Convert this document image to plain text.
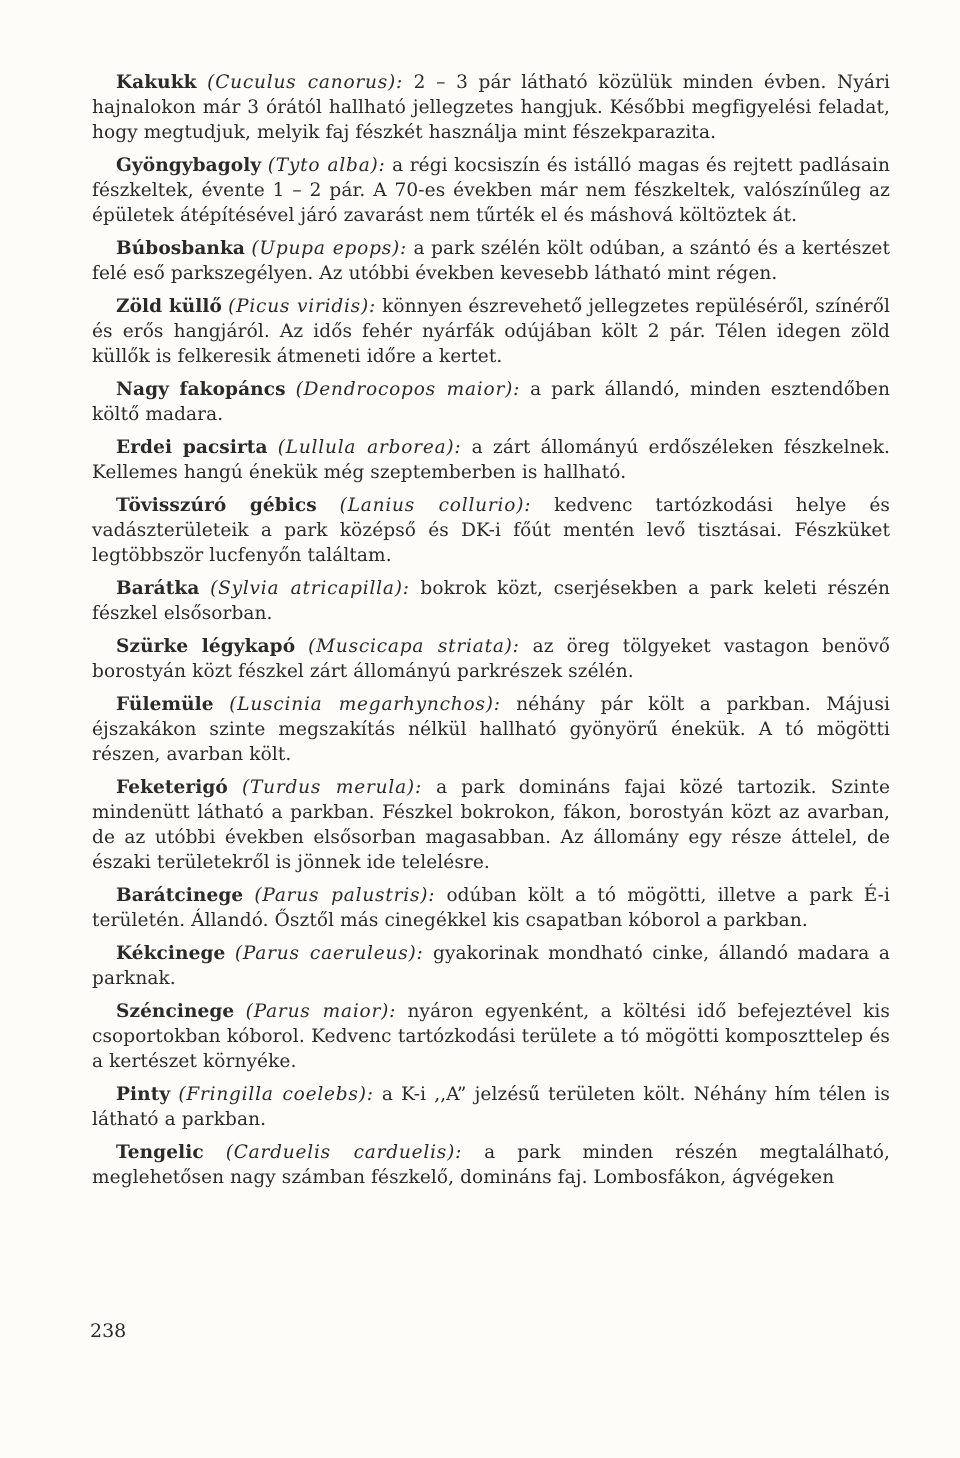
Kakukk (Cuculus canorus): 2 – 3 pár látható közülük minden évben. Nyári hajnalokon már 3 órától hallható jellegzetes hangjuk. Későbbi megfigyelési feladat, hogy megtudjuk, melyik faj fészkét használja mint fészekparazita.

Gyöngybagoly (Tyto alba): a régi kocsiszín és istálló magas és rejtett padlásain fészkeltek, évente 1 – 2 pár. A 70-es években már nem fészkeltek, valószínűleg az épületek átépítésével járó zavarást nem tűrték el és máshová költöztek át.

Búbosbanka (Upupa epops): a park szélén költ odúban, a szántó és a kertészet felé eső parkszegélyen. Az utóbbi években kevesebb látható mint régen.

Zöld küllő (Picus viridis): könnyen észrevehető jellegzetes repüléséről, színéről és erős hangjáról. Az idős fehér nyárfák odújában költ 2 pár. Télen idegen zöld küllők is felkeresik átmeneti időre a kertet.

Nagy fakopáncs (Dendrocopos maior): a park állandó, minden esztendőben költő madara.

Erdei pacsirta (Lullula arborea): a zárt állományú erdőszéleken fészkelnek. Kellemes hangú énekük még szeptemberben is hallható.

Tövisszúró gébics (Lanius collurio): kedvenc tartózkodási helye és vadászterületeik a park középső és DK-i főút mentén levő tisztásai. Fészküket legtöbbször lucfenyőn találtam.

Barátka (Sylvia atricapilla): bokrok közt, cserjésekben a park keleti részén fészkel elsősorban.

Szürke légykapó (Muscicapa striata): az öreg tölgyeket vastagon benövő borostyán közt fészkel zárt állományú parkrészek szélén.

Fülemüle (Luscinia megarhynchos): néhány pár költ a parkban. Májusi éjszakákon szinte megszakítás nélkül hallható gyönyörű énekük. A tó mögötti részen, avarban költ.

Feketerigó (Turdus merula): a park domináns fajai közé tartozik. Szinte mindenütt látható a parkban. Fészkel bokrokon, fákon, borostyán közt az avarban, de az utóbbi években elsősorban magasabban. Az állomány egy része áttelel, de északi területekről is jönnek ide telelésre.

Barátcinege (Parus palustris): odúban költ a tó mögötti, illetve a park É-i területén. Állandó. Ősztől más cinegékkel kis csapatban kóborol a parkban.

Kékcinege (Parus caeruleus): gyakorinak mondható cinke, állandó madara a parknak.

Széncinege (Parus maior): nyáron egyenként, a költési idő befejeztével kis csoportokban kóborol. Kedvenc tartózkodási területe a tó mögötti komposzttelep és a kertészet környéke.

Pinty (Fringilla coelebs): a K-i ,,A” jelzésű területen költ. Néhány hím télen is látható a parkban.

Tengelic (Carduelis carduelis): a park minden részén megtalálható, meglehetősen nagy számban fészkelő, domináns faj. Lombosfákon, ágvégeken

238
